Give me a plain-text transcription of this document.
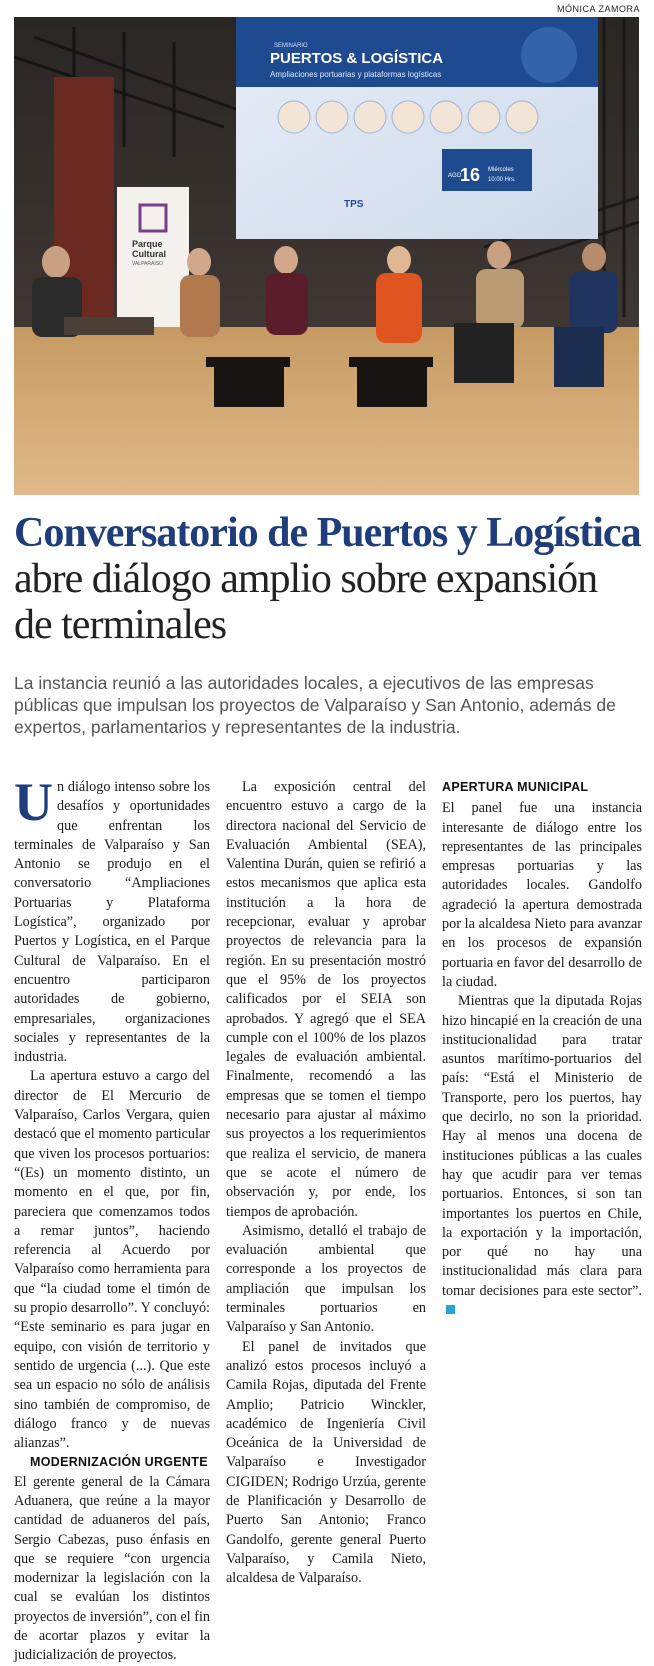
MÓNICA ZAMORA
SEMINARIO
PUERTOS & LOGÍSTICA
Ampliaciones portuarias y plataformas logísticas
AGO
16 Miércoles
10:00 Hrs.
TPS
Parque
Cultural
VALPARAÍSO
Conversatorio de Puertos y Logística abre diálogo amplio sobre expansión de terminales

La instancia reunió a las autoridades locales, a ejecutivos de las empresas públicas que impulsan los proyectos de Valparaíso y San Antonio, además de expertos, parlamentarios y representantes de la industria.

Un diálogo intenso sobre los desafíos y oportunidades que enfrentan los terminales de Valparaíso y San Antonio se produjo en el conversatorio “Ampliaciones Portuarias y Plataforma Logística”, organizado por Puertos y Logística, en el Parque Cultural de Valparaíso. En el encuentro participaron autoridades de gobierno, empresariales, organizaciones sociales y representantes de la industria.

La apertura estuvo a cargo del director de El Mercurio de Valparaíso, Carlos Vergara, quien destacó que el momento particular que viven los procesos portuarios: “(Es) un momento distinto, un momento en el que, por fin, pareciera que comenzamos todos a remar juntos”, haciendo referencia al Acuerdo por Valparaíso como herramienta para que “la ciudad tome el timón de su propio desarrollo”. Y concluyó: “Este seminario es para jugar en equipo, con visión de territorio y sentido de urgencia (...). Que este sea un espacio no sólo de análisis sino también de compromiso, de diálogo franco y de nuevas alianzas”.

MODERNIZACIÓN URGENTE

El gerente general de la Cámara Aduanera, que reúne a la mayor cantidad de aduaneros del país, Sergio Cabezas, puso énfasis en que se requiere “con urgencia modernizar la legislación con la cual se evalúan los distintos proyectos de inversión”, con el fin de acortar plazos y evitar la judicialización de proyectos.

La exposición central del encuentro estuvo a cargo de la directora nacional del Servicio de Evaluación Ambiental (SEA), Valentina Durán, quien se refirió a estos mecanismos que aplica esta institución a la hora de recepcionar, evaluar y aprobar proyectos de relevancia para la región. En su presentación mostró que el 95% de los proyectos calificados por el SEIA son aprobados. Y agregó que el SEA cumple con el 100% de los plazos legales de evaluación ambiental. Finalmente, recomendó a las empresas que se tomen el tiempo necesario para ajustar al máximo sus proyectos a los requerimientos que realiza el servicio, de manera que se acote el número de observación y, por ende, los tiempos de aprobación.

Asimismo, detalló el trabajo de evaluación ambiental que corresponde a los proyectos de ampliación que impulsan los terminales portuarios en Valparaíso y San Antonio.

El panel de invitados que analizó estos procesos incluyó a Camila Rojas, diputada del Frente Amplio; Patricio Winckler, académico de Ingeniería Civil Oceánica de la Universidad de Valparaíso e Investigador CIGIDEN; Rodrigo Urzúa, gerente de Planificación y Desarrollo de Puerto San Antonio; Franco Gandolfo, gerente general Puerto Valparaíso, y Camila Nieto, alcaldesa de Valparaíso.

APERTURA MUNICIPAL

El panel fue una instancia interesante de diálogo entre los representantes de las principales empresas portuarias y las autoridades locales. Gandolfo agradeció la apertura demostrada por la alcaldesa Nieto para avanzar en los procesos de expansión portuaria en favor del desarrollo de la ciudad.

Mientras que la diputada Rojas hizo hincapié en la creación de una institucionalidad para tratar asuntos marítimo-portuarios del país: “Está el Ministerio de Transporte, pero los puertos, hay que decirlo, no son la prioridad. Hay al menos una docena de instituciones públicas a las cuales hay que acudir para ver temas portuarios. Entonces, si son tan importantes los puertos en Chile, la exportación y la importación, por qué no hay una institucionalidad más clara para tomar decisiones para este sector”.
